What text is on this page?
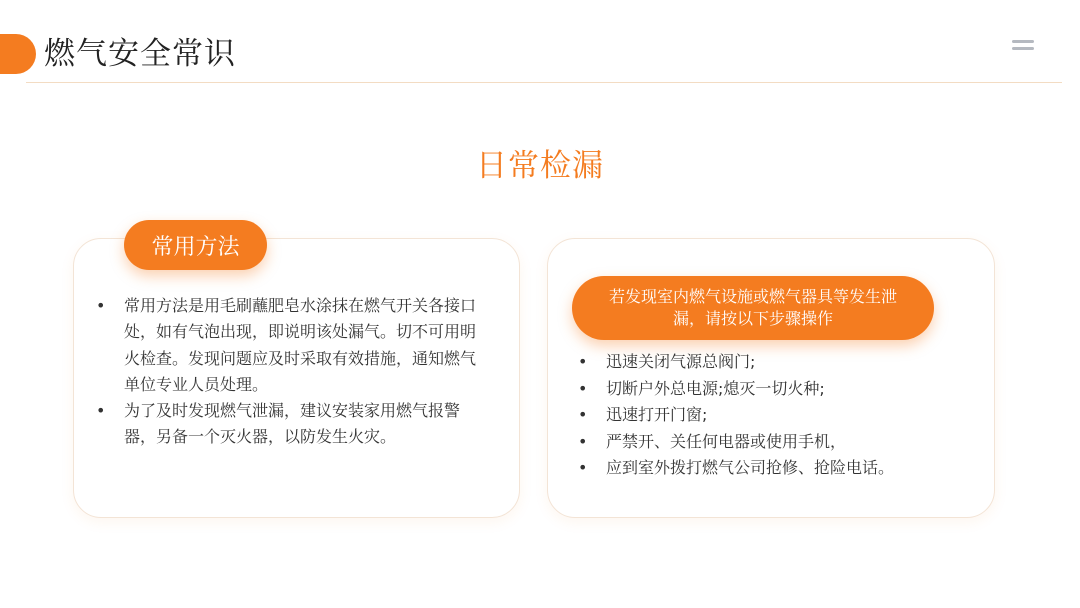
燃气安全常识
日常检漏
常用方法
若发现室内燃气设施或燃气器具等发生泄漏，请按以下步骤操作
• 常用方法是用毛刷蘸肥皂水涂抹在燃气开关各接口处，如有气泡出现，即说明该处漏气。切不可用明火检查。发现问题应及时采取有效措施，通知燃气单位专业人员处理。
• 为了及时发现燃气泄漏，建议安装家用燃气报警器，另备一个灭火器，以防发生火灾。
• 迅速关闭气源总阀门;
• 切断户外总电源;熄灭一切火种;
• 迅速打开门窗;
• 严禁开、关任何电器或使用手机，
• 应到室外拨打燃气公司抢修、抢险电话。
